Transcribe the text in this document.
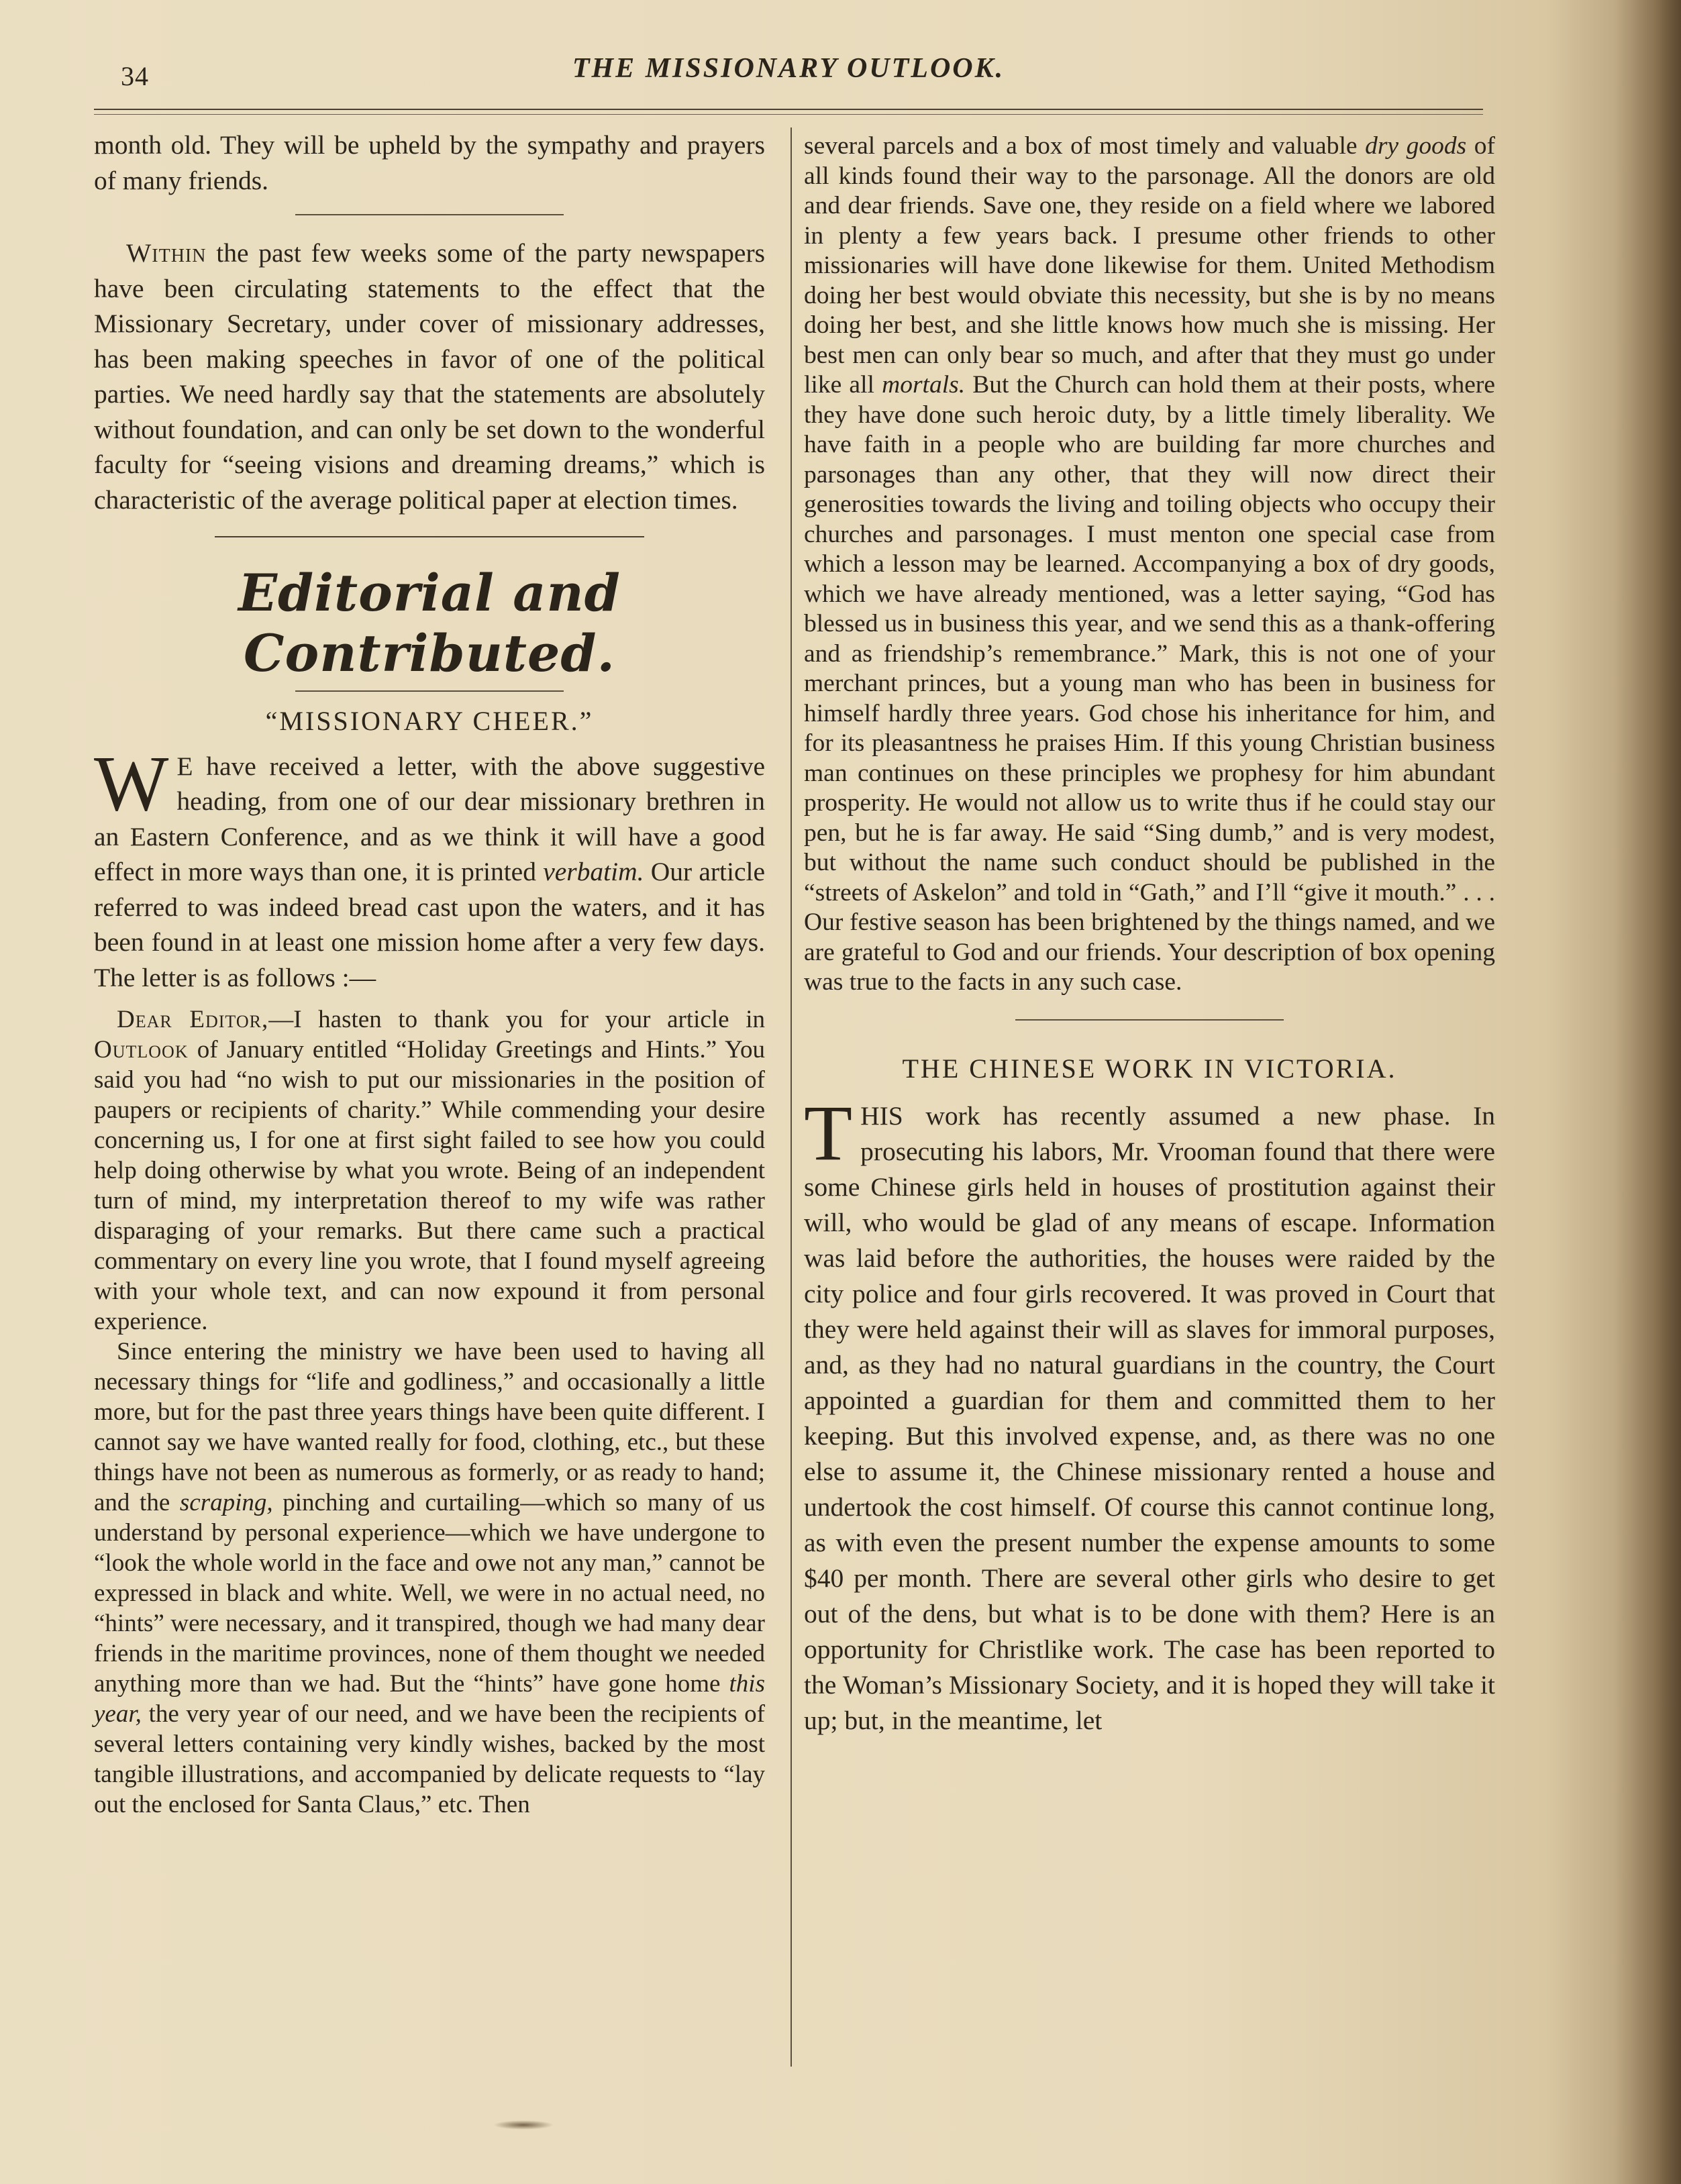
34	THE MISSIONARY OUTLOOK.

month old. They will be upheld by the sympathy and prayers of many friends.

Within the past few weeks some of the party newspapers have been circulating statements to the effect that the Missionary Secretary, under cover of missionary addresses, has been making speeches in favor of one of the political parties. We need hardly say that the statements are absolutely without foundation, and can only be set down to the wonderful faculty for “seeing visions and dreaming dreams,” which is characteristic of the average political paper at election times.

Editorial and Contributed.
“MISSIONARY CHEER.”

W E have received a letter, with the above suggestive heading, from one of our dear missionary brethren in an Eastern Conference, and as we think it will have a good effect in more ways than one, it is printed verbatim. Our article referred to was indeed bread cast upon the waters, and it has been found in at least one mission home after a very few days. The letter is as follows :—

Dear Editor,—I hasten to thank you for your article in Outlook of January entitled “Holiday Greetings and Hints.” You said you had “no wish to put our missionaries in the position of paupers or recipients of charity.” While commending your desire concerning us, I for one at first sight failed to see how you could help doing otherwise by what you wrote. Being of an independent turn of mind, my interpretation thereof to my wife was rather disparaging of your remarks. But there came such a practical commentary on every line you wrote, that I found myself agreeing with your whole text, and can now expound it from personal experience.

Since entering the ministry we have been used to having all necessary things for “life and godliness,” and occasionally a little more, but for the past three years things have been quite different. I cannot say we have wanted really for food, clothing, etc., but these things have not been as numerous as formerly, or as ready to hand; and the scraping, pinching and curtailing—which so many of us understand by personal experience—which we have undergone to “look the whole world in the face and owe not any man,” cannot be expressed in black and white. Well, we were in no actual need, no “hints” were necessary, and it transpired, though we had many dear friends in the maritime provinces, none of them thought we needed anything more than we had. But the “hints” have gone home this year, the very year of our need, and we have been the recipients of several letters containing very kindly wishes, backed by the most tangible illustrations, and accompanied by delicate requests to “lay out the enclosed for Santa Claus,” etc. Then

several parcels and a box of most timely and valuable dry goods of all kinds found their way to the parsonage. All the donors are old and dear friends. Save one, they reside on a field where we labored in plenty a few years back. I presume other friends to other missionaries will have done likewise for them. United Methodism doing her best would obviate this necessity, but she is by no means doing her best, and she little knows how much she is missing. Her best men can only bear so much, and after that they must go under like all mortals. But the Church can hold them at their posts, where they have done such heroic duty, by a little timely liberality. We have faith in a people who are building far more churches and parsonages than any other, that they will now direct their generosities towards the living and toiling objects who occupy their churches and parsonages. I must menton one special case from which a lesson may be learned. Accompanying a box of dry goods, which we have already mentioned, was a letter saying, “God has blessed us in business this year, and we send this as a thank-offering and as friendship’s remembrance.” Mark, this is not one of your merchant princes, but a young man who has been in business for himself hardly three years. God chose his inheritance for him, and for its pleasantness he praises Him. If this young Christian business man continues on these principles we prophesy for him abundant prosperity. He would not allow us to write thus if he could stay our pen, but he is far away. He said “Sing dumb,” and is very modest, but without the name such conduct should be published in the “streets of Askelon” and told in “Gath,” and I’ll “give it mouth.” . . . Our festive season has been brightened by the things named, and we are grateful to God and our friends. Your description of box opening was true to the facts in any such case.

THE CHINESE WORK IN VICTORIA.

THIS work has recently assumed a new phase. In prosecuting his labors, Mr. Vrooman found that there were some Chinese girls held in houses of prostitution against their will, who would be glad of any means of escape. Information was laid before the authorities, the houses were raided by the city police and four girls recovered. It was proved in Court that they were held against their will as slaves for immoral purposes, and, as they had no natural guardians in the country, the Court appointed a guardian for them and committed them to her keeping. But this involved expense, and, as there was no one else to assume it, the Chinese missionary rented a house and undertook the cost himself. Of course this cannot continue long, as with even the present number the expense amounts to some $40 per month. There are several other girls who desire to get out of the dens, but what is to be done with them? Here is an opportunity for Christlike work. The case has been reported to the Woman’s Missionary Society, and it is hoped they will take it up; but, in the meantime, let
